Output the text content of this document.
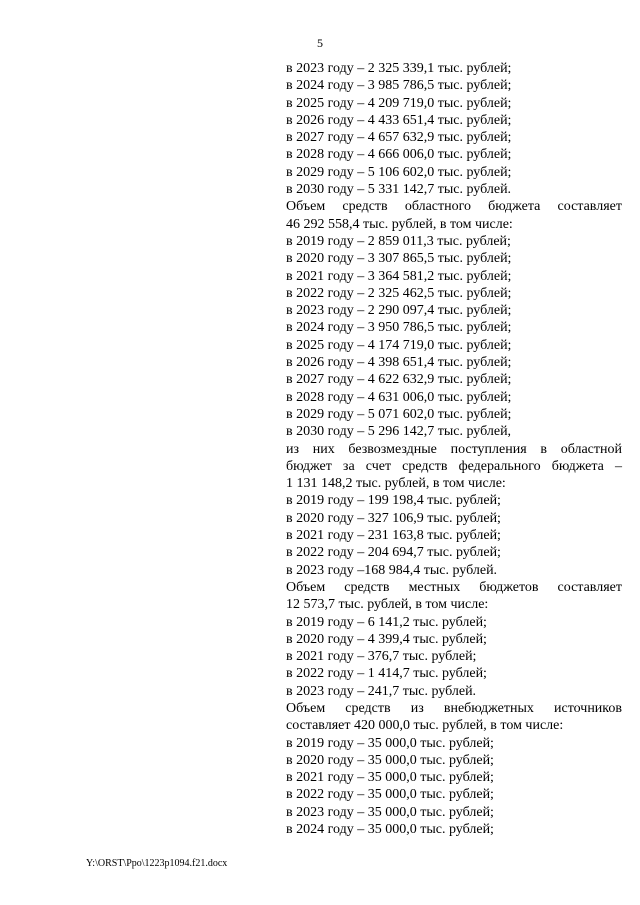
5
в 2023 году – 2 325 339,1 тыс. рублей;
в 2024 году – 3 985 786,5 тыс. рублей;
в 2025 году – 4 209 719,0 тыс. рублей;
в 2026 году – 4 433 651,4 тыс. рублей;
в 2027 году – 4 657 632,9 тыс. рублей;
в 2028 году – 4 666 006,0 тыс. рублей;
в 2029 году – 5 106 602,0 тыс. рублей;
в 2030 году – 5 331 142,7 тыс. рублей.
Объем средств областного бюджета составляет
46 292 558,4 тыс. рублей, в том числе:
в 2019 году – 2 859 011,3 тыс. рублей;
в 2020 году – 3 307 865,5 тыс. рублей;
в 2021 году – 3 364 581,2 тыс. рублей;
в 2022 году – 2 325 462,5 тыс. рублей;
в 2023 году – 2 290 097,4 тыс. рублей;
в 2024 году – 3 950 786,5 тыс. рублей;
в 2025 году – 4 174 719,0 тыс. рублей;
в 2026 году – 4 398 651,4 тыс. рублей;
в 2027 году – 4 622 632,9 тыс. рублей;
в 2028 году – 4 631 006,0 тыс. рублей;
в 2029 году – 5 071 602,0 тыс. рублей;
в 2030 году – 5 296 142,7 тыс. рублей,
из них безвозмездные поступления в областной
бюджет за счет средств федерального бюджета –
1 131 148,2 тыс. рублей, в том числе:
в 2019 году – 199 198,4 тыс. рублей;
в 2020 году – 327 106,9 тыс. рублей;
в 2021 году – 231 163,8 тыс. рублей;
в 2022 году – 204 694,7 тыс. рублей;
в 2023 году –168 984,4 тыс. рублей.
Объем средств местных бюджетов составляет
12 573,7 тыс. рублей, в том числе:
в 2019 году – 6 141,2 тыс. рублей;
в 2020 году – 4 399,4 тыс. рублей;
в 2021 году – 376,7 тыс. рублей;
в 2022 году – 1 414,7 тыс. рублей;
в 2023 году – 241,7 тыс. рублей.
Объем средств из внебюджетных источников
составляет 420 000,0 тыс. рублей, в том числе:
в 2019 году – 35 000,0 тыс. рублей;
в 2020 году – 35 000,0 тыс. рублей;
в 2021 году – 35 000,0 тыс. рублей;
в 2022 году – 35 000,0 тыс. рублей;
в 2023 году – 35 000,0 тыс. рублей;
в 2024 году – 35 000,0 тыс. рублей;
Y:\ORST\Ppo\1223p1094.f21.docx
